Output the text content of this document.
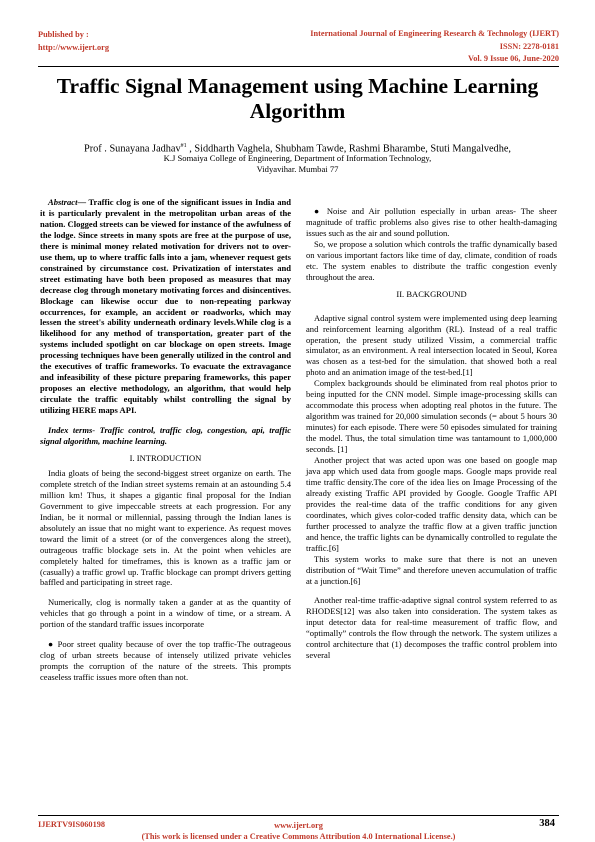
Published by :
http://www.ijert.org
International Journal of Engineering Research & Technology (IJERT)
ISSN: 2278-0181
Vol. 9 Issue 06, June-2020
Traffic Signal Management using Machine Learning Algorithm
Prof . Sunayana Jadhav$^{\#1}$ , Siddharth Vaghela, Shubham Tawde, Rashmi Bharambe, Stuti Mangalvedhe,
K.J Somaiya College of Engineering, Department of Information Technology,
Vidyavihar. Mumbai 77

Abstract— Traffic clog is one of the significant issues in India and it is particularly prevalent in the metropolitan urban areas of the nation. Clogged streets can be viewed for instance of the awfulness of the lodge. Since streets in many spots are free at the purpose of use, there is minimal money related motivation for drivers not to over-use them, up to where traffic falls into a jam, whenever request gets constrained by circumstance cost. Privatization of interstates and street estimating have both been proposed as measures that may decrease clog through monetary motivating forces and disincentives. Blockage can likewise occur due to non-repeating parkway occurrences, for example, an accident or roadworks, which may lessen the street's ability underneath ordinary levels.While clog is a likelihood for any method of transportation, greater part of the systems included spotlight on car blockage on open streets. Image processing techniques have been generally utilized in the control and the executives of traffic frameworks. To evacuate the extravagance and infeasibility of these picture preparing frameworks, this paper proposes an elective methodology, an algorithm, that would help circulate the traffic equitably whilst controlling the signal by utilizing HERE maps API.

Index terms- Traffic control, traffic clog, congestion, api, traffic signal algorithm, machine learning.

I. INTRODUCTION

India gloats of being the second-biggest street organize on earth. The complete stretch of the Indian street systems remain at an astounding 5.4 million km! Thus, it shapes a gigantic final proposal for the Indian Government to give impeccable streets at each progression. For any Indian, be it normal or millennial, passing through the Indian lanes is absolutely an issue that no might want to experience. As request moves toward the limit of a street (or of the convergences along the street), outrageous traffic blockage sets in. At the point when vehicles are completely halted for timeframes, this is known as a traffic jam or (casually) a traffic growl up. Traffic blockage can prompt drivers getting baffled and participating in street rage.

Numerically, clog is normally taken a gander at as the quantity of vehicles that go through a point in a window of time, or a stream. A portion of the standard traffic issues incorporate

● Poor street quality because of over the top traffic-The outrageous clog of urban streets because of intensely utilized private vehicles prompts the corruption of the nature of the streets. This prompts ceaseless traffic issues more often than not.

● Noise and Air pollution especially in urban areas- The sheer magnitude of traffic problems also gives rise to other health-damaging issues such as the air and sound pollution.

So, we propose a solution which controls the traffic dynamically based on various important factors like time of day, climate, condition of roads etc. The system enables to distribute the traffic congestion evenly throughout the area.

II. BACKGROUND

Adaptive signal control system were implemented using deep learning and reinforcement learning algorithm (RL). Instead of a real traffic operation, the present study utilized Vissim, a commercial traffic simulator, as an environment. A real intersection located in Seoul, Korea was chosen as a test-bed for the simulation. that showed both a real photo and an animation image of the test-bed.[1]

Complex backgrounds should be eliminated from real photos prior to being inputted for the CNN model. Simple image-processing skills can accommodate this process when adopting real photos in the future. The algorithm was trained for 20,000 simulation seconds (= about 5 hours 30 minutes) for each episode. There were 50 episodes simulated for training the model. Thus, the total simulation time was tantamount to 1,000,000 seconds. [1]

Another project that was acted upon was one based on google map java app which used data from google maps. Google maps provide real time traffic density.The core of the idea lies on Image Processing of the already existing Traffic API provided by Google. Google Traffic API provides the real-time data of the traffic conditions for any given coordinates, which gives color-coded traffic density data, which can be further processed to analyze the traffic flow at a given traffic junction and hence, the traffic lights can be dynamically controlled to regulate the traffic.[6]

This system works to make sure that there is not an uneven distribution of “Wait Time” and therefore uneven accumulation of traffic at a junction.[6]

Another real-time traffic-adaptive signal control system referred to as RHODES[12] was also taken into consideration. The system takes as input detector data for real-time measurement of traffic flow, and “optimally” controls the flow through the network. The system utilizes a control architecture that (1) decomposes the traffic control problem into several

IJERTV9IS060198	www.ijert.org
(This work is licensed under a Creative Commons Attribution 4.0 International License.)
384
